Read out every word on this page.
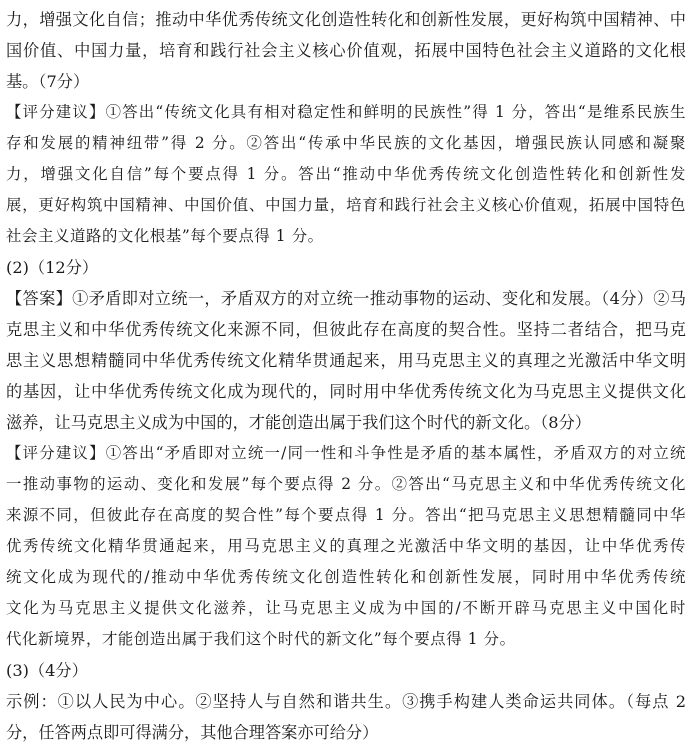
力，增强文化自信；推动中华优秀传统文化创造性转化和创新性发展，更好构筑中国精神、中
国价值、中国力量，培育和践行社会主义核心价值观，拓展中国特色社会主义道路的文化根
基。（7分）
【评分建议】①答出“传统文化具有相对稳定性和鲜明的民族性”得 1 分，答出“是维系民族生
存和发展的精神纽带”得 2 分。②答出“传承中华民族的文化基因，增强民族认同感和凝聚
力，增强文化自信”每个要点得 1 分。答出“推动中华优秀传统文化创造性转化和创新性发
展，更好构筑中国精神、中国价值、中国力量，培育和践行社会主义核心价值观，拓展中国特色
社会主义道路的文化根基”每个要点得 1 分。
(2)（12分）
【答案】①矛盾即对立统一，矛盾双方的对立统一推动事物的运动、变化和发展。（4分）②马
克思主义和中华优秀传统文化来源不同，但彼此存在高度的契合性。坚持二者结合，把马克
思主义思想精髓同中华优秀传统文化精华贯通起来，用马克思主义的真理之光激活中华文明
的基因，让中华优秀传统文化成为现代的，同时用中华优秀传统文化为马克思主义提供文化
滋养，让马克思主义成为中国的，才能创造出属于我们这个时代的新文化。（8分）
【评分建议】①答出“矛盾即对立统一/同一性和斗争性是矛盾的基本属性，矛盾双方的对立统
一推动事物的运动、变化和发展”每个要点得 2 分。②答出“马克思主义和中华优秀传统文化
来源不同，但彼此存在高度的契合性”每个要点得 1 分。答出“把马克思主义思想精髓同中华
优秀传统文化精华贯通起来，用马克思主义的真理之光激活中华文明的基因，让中华优秀传
统文化成为现代的/推动中华优秀传统文化创造性转化和创新性发展，同时用中华优秀传统
文化为马克思主义提供文化滋养，让马克思主义成为中国的/不断开辟马克思主义中国化时
代化新境界，才能创造出属于我们这个时代的新文化”每个要点得 1 分。
(3)（4分）
示例：①以人民为中心。②坚持人与自然和谐共生。③携手构建人类命运共同体。（每点 2
分，任答两点即可得满分，其他合理答案亦可给分）
